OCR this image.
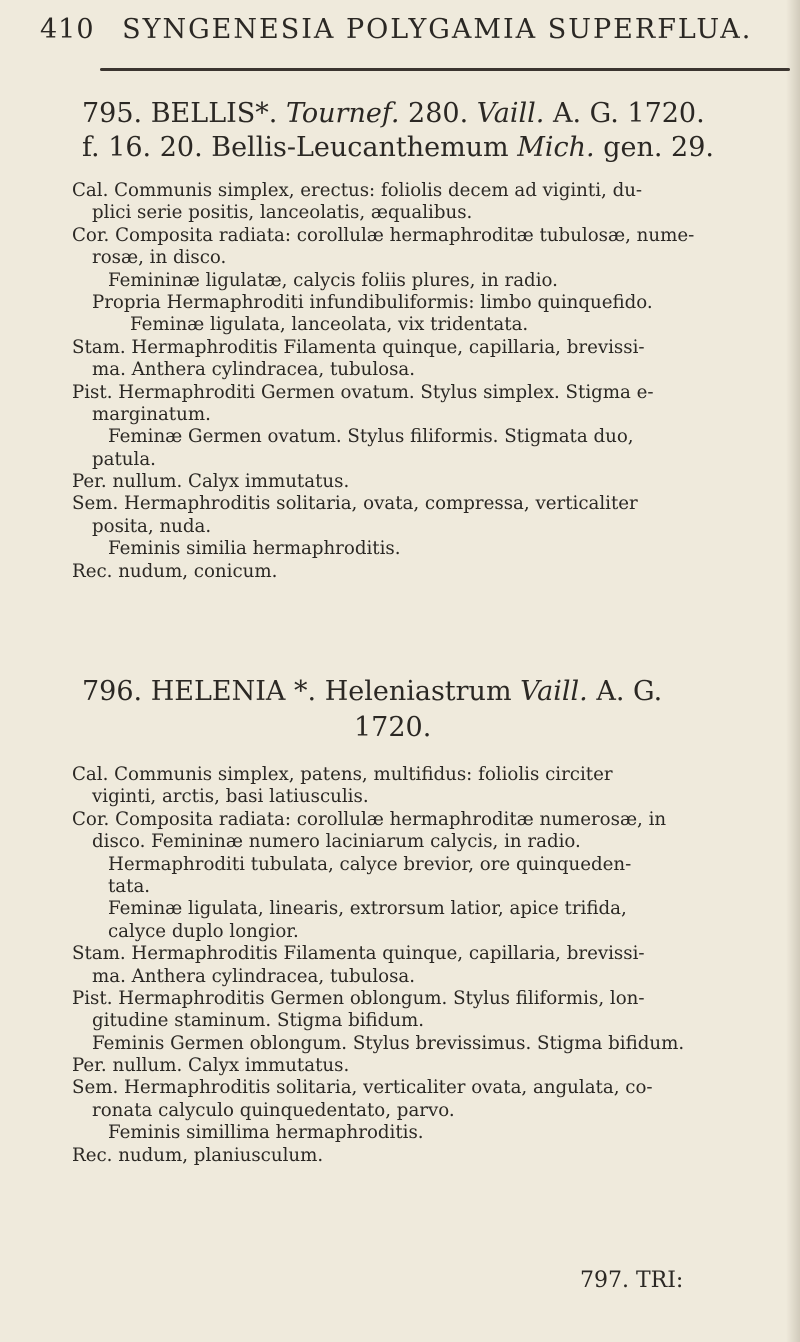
410 SYNGENESIA POLYGAMIA SUPERFLUA.
795. BELLIS*. Tournef. 280. Vaill. A. G. 1720.
f. 16. 20. Bellis-Leucanthemum Mich. gen. 29.
Cal. Communis simplex, erectus: foliolis decem ad viginti, du-
plici serie positis, lanceolatis, æqualibus.
Cor. Composita radiata: corollulæ hermaphroditæ tubulosæ, nume-
rosæ, in disco.
Femininæ ligulatæ, calycis foliis plures, in radio.
Propria Hermaphroditi infundibuliformis: limbo quinquefido.
Feminæ ligulata, lanceolata, vix tridentata.
Stam. Hermaphroditis Filamenta quinque, capillaria, brevissi-
ma. Anthera cylindracea, tubulosa.
Pist. Hermaphroditi Germen ovatum. Stylus simplex. Stigma e-
marginatum.
Feminæ Germen ovatum. Stylus filiformis. Stigmata duo,
patula.
Per. nullum. Calyx immutatus.
Sem. Hermaphroditis solitaria, ovata, compressa, verticaliter
posita, nuda.
Feminis similia hermaphroditis.
Rec. nudum, conicum.
796. HELENIA *. Heleniastrum Vaill. A. G.
1720.
Cal. Communis simplex, patens, multifidus: foliolis circiter
viginti, arctis, basi latiusculis.
Cor. Composita radiata: corollulæ hermaphroditæ numerosæ, in
disco. Femininæ numero laciniarum calycis, in radio.
Hermaphroditi tubulata, calyce brevior, ore quinqueden-
tata.
Feminæ ligulata, linearis, extrorsum latior, apice trifida,
calyce duplo longior.
Stam. Hermaphroditis Filamenta quinque, capillaria, brevissi-
ma. Anthera cylindracea, tubulosa.
Pist. Hermaphroditis Germen oblongum. Stylus filiformis, lon-
gitudine staminum. Stigma bifidum.
Feminis Germen oblongum. Stylus brevissimus. Stigma bifidum.
Per. nullum. Calyx immutatus.
Sem. Hermaphroditis solitaria, verticaliter ovata, angulata, co-
ronata calyculo quinquedentato, parvo.
Feminis simillima hermaphroditis.
Rec. nudum, planiusculum.
797. TRI:
